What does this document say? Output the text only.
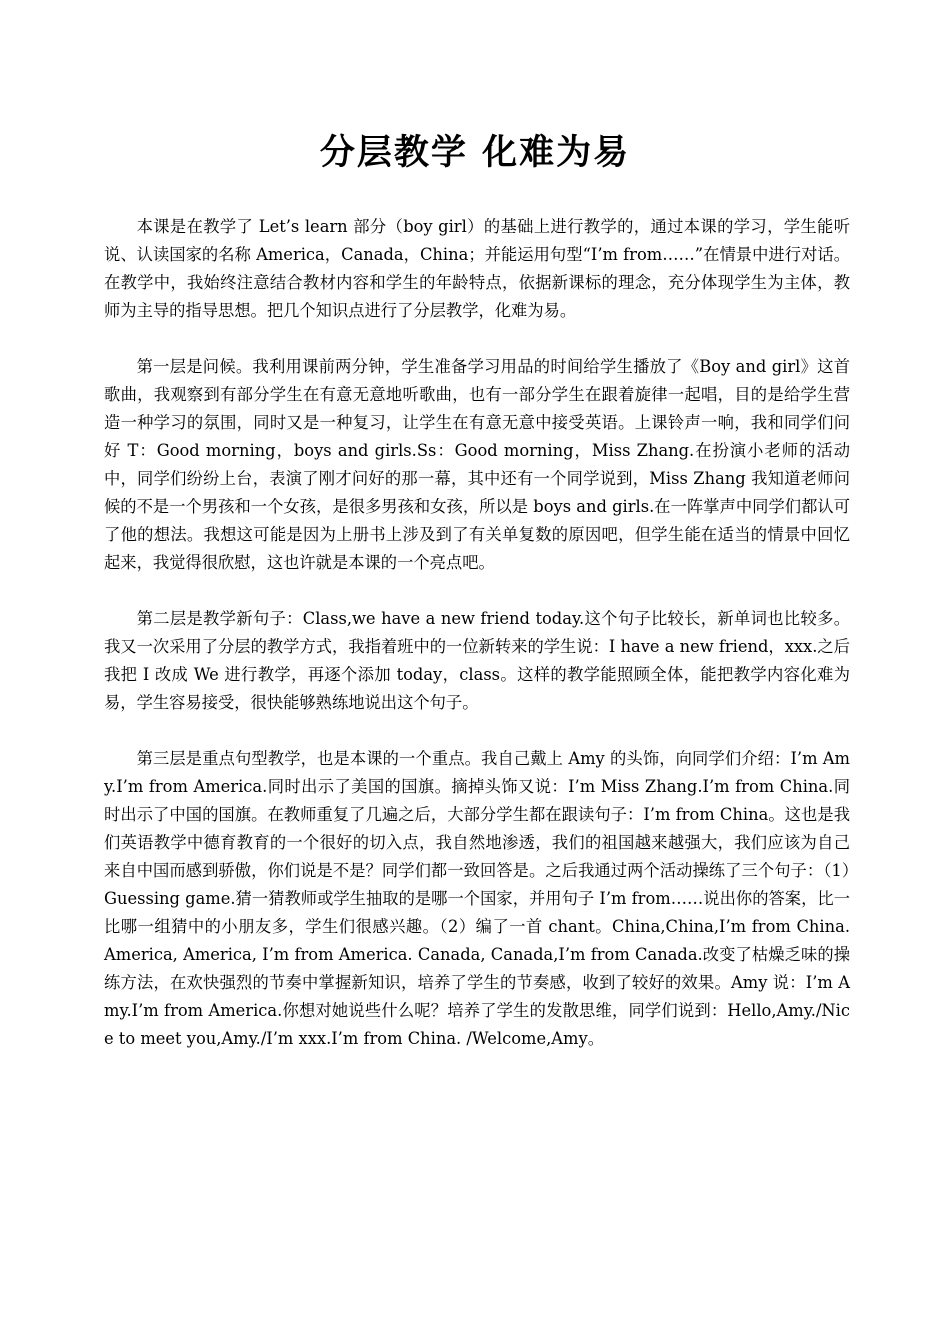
分层教学 化难为易

本课是在教学了 Let’s learn 部分（boy girl）的基础上进行教学的，通过本课的学习，学生能听说、认读国家的名称 America，Canada，China；并能运用句型“I’m from……”在情景中进行对话。在教学中，我始终注意结合教材内容和学生的年龄特点，依据新课标的理念，充分体现学生为主体，教师为主导的指导思想。把几个知识点进行了分层教学，化难为易。

第一层是问候。我利用课前两分钟，学生准备学习用品的时间给学生播放了《Boy and girl》这首歌曲，我观察到有部分学生在有意无意地听歌曲，也有一部分学生在跟着旋律一起唱，目的是给学生营造一种学习的氛围，同时又是一种复习，让学生在有意无意中接受英语。上课铃声一响，我和同学们问好 T：Good morning，boys and girls.Ss：Good morning，Miss Zhang.在扮演小老师的活动中，同学们纷纷上台，表演了刚才问好的那一幕，其中还有一个同学说到，Miss Zhang 我知道老师问候的不是一个男孩和一个女孩，是很多男孩和女孩，所以是 boys and girls.在一阵掌声中同学们都认可了他的想法。我想这可能是因为上册书上涉及到了有关单复数的原因吧，但学生能在适当的情景中回忆起来，我觉得很欣慰，这也许就是本课的一个亮点吧。

第二层是教学新句子：Class,we have a new friend today.这个句子比较长，新单词也比较多。我又一次采用了分层的教学方式，我指着班中的一位新转来的学生说：I have a new friend，xxx.之后我把 I 改成 We 进行教学，再逐个添加 today，class。这样的教学能照顾全体，能把教学内容化难为易，学生容易接受，很快能够熟练地说出这个句子。

第三层是重点句型教学，也是本课的一个重点。我自己戴上 Amy 的头饰，向同学们介绍：I’m Amy.I’m from America.同时出示了美国的国旗。摘掉头饰又说：I’m Miss Zhang.I’m from China.同时出示了中国的国旗。在教师重复了几遍之后，大部分学生都在跟读句子：I’m from China。这也是我们英语教学中德育教育的一个很好的切入点，我自然地渗透，我们的祖国越来越强大，我们应该为自己来自中国而感到骄傲，你们说是不是？同学们都一致回答是。之后我通过两个活动操练了三个句子：（1）Guessing game.猜一猜教师或学生抽取的是哪一个国家，并用句子 I’m from……说出你的答案，比一比哪一组猜中的小朋友多，学生们很感兴趣。（2）编了一首 chant。China,China,I’m from China. America, America, I’m from America. Canada, Canada,I’m from Canada.改变了枯燥乏味的操练方法，在欢快强烈的节奏中掌握新知识，培养了学生的节奏感，收到了较好的效果。Amy 说：I’m Amy.I’m from America.你想对她说些什么呢？培养了学生的发散思维，同学们说到：Hello,Amy./Nice to meet you,Amy./I’m xxx.I’m from China. /Welcome,Amy。
